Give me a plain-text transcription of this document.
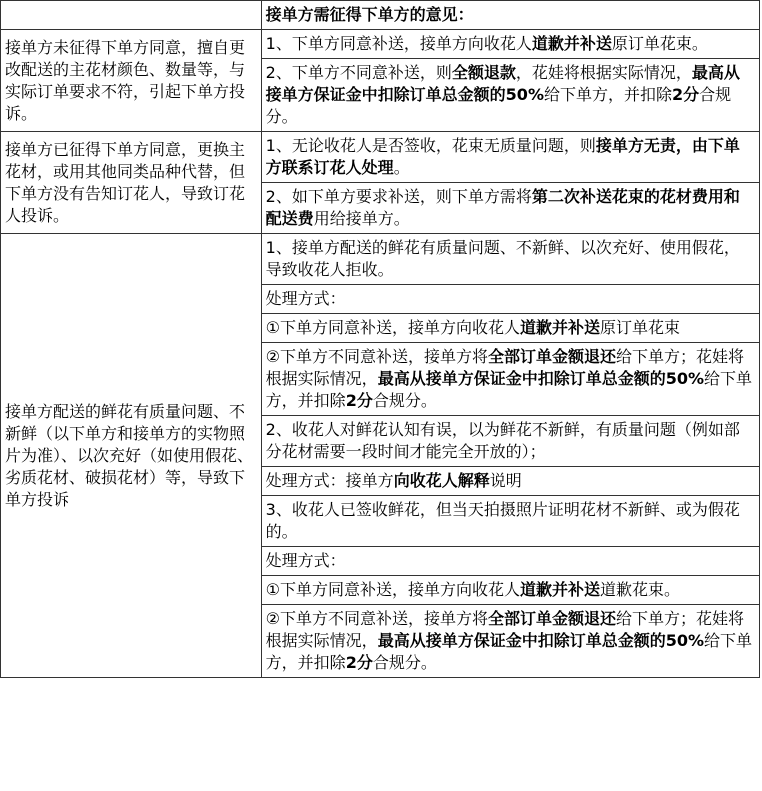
	接单方需征得下单方的意见：
接单方未征得下单方同意，擅自更改配送的主花材颜色、数量等，与实际订单要求不符，引起下单方投诉。	1、下单方同意补送，接单方向收花人道歉并补送原订单花束。
	2、下单方不同意补送，则全额退款，花娃将根据实际情况，最高从接单方保证金中扣除订单总金额的50%给下单方，并扣除2分合规分。
接单方已征得下单方同意，更换主花材，或用其他同类品种代替，但下单方没有告知订花人，导致订花人投诉。	1、无论收花人是否签收，花束无质量问题，则接单方无责，由下单方联系订花人处理。
	2、如下单方要求补送，则下单方需将第二次补送花束的花材费用和配送费用给接单方。
接单方配送的鲜花有质量问题、不新鲜（以下单方和接单方的实物照片为准）、以次充好（如使用假花、劣质花材、破损花材）等，导致下单方投诉	1、接单方配送的鲜花有质量问题、不新鲜、以次充好、使用假花，导致收花人拒收。
	处理方式：
	①下单方同意补送，接单方向收花人道歉并补送原订单花束
	②下单方不同意补送，接单方将全部订单金额退还给下单方；花娃将根据实际情况，最高从接单方保证金中扣除订单总金额的50%给下单方，并扣除2分合规分。
	2、收花人对鲜花认知有误，以为鲜花不新鲜，有质量问题（例如部分花材需要一段时间才能完全开放的）；
	处理方式：接单方向收花人解释说明
	3、收花人已签收鲜花，但当天拍摄照片证明花材不新鲜、或为假花的。
	处理方式：
	①下单方同意补送，接单方向收花人道歉并补送道歉花束。
	②下单方不同意补送，接单方将全部订单金额退还给下单方；花娃将根据实际情况，最高从接单方保证金中扣除订单总金额的50%给下单方，并扣除2分合规分。
